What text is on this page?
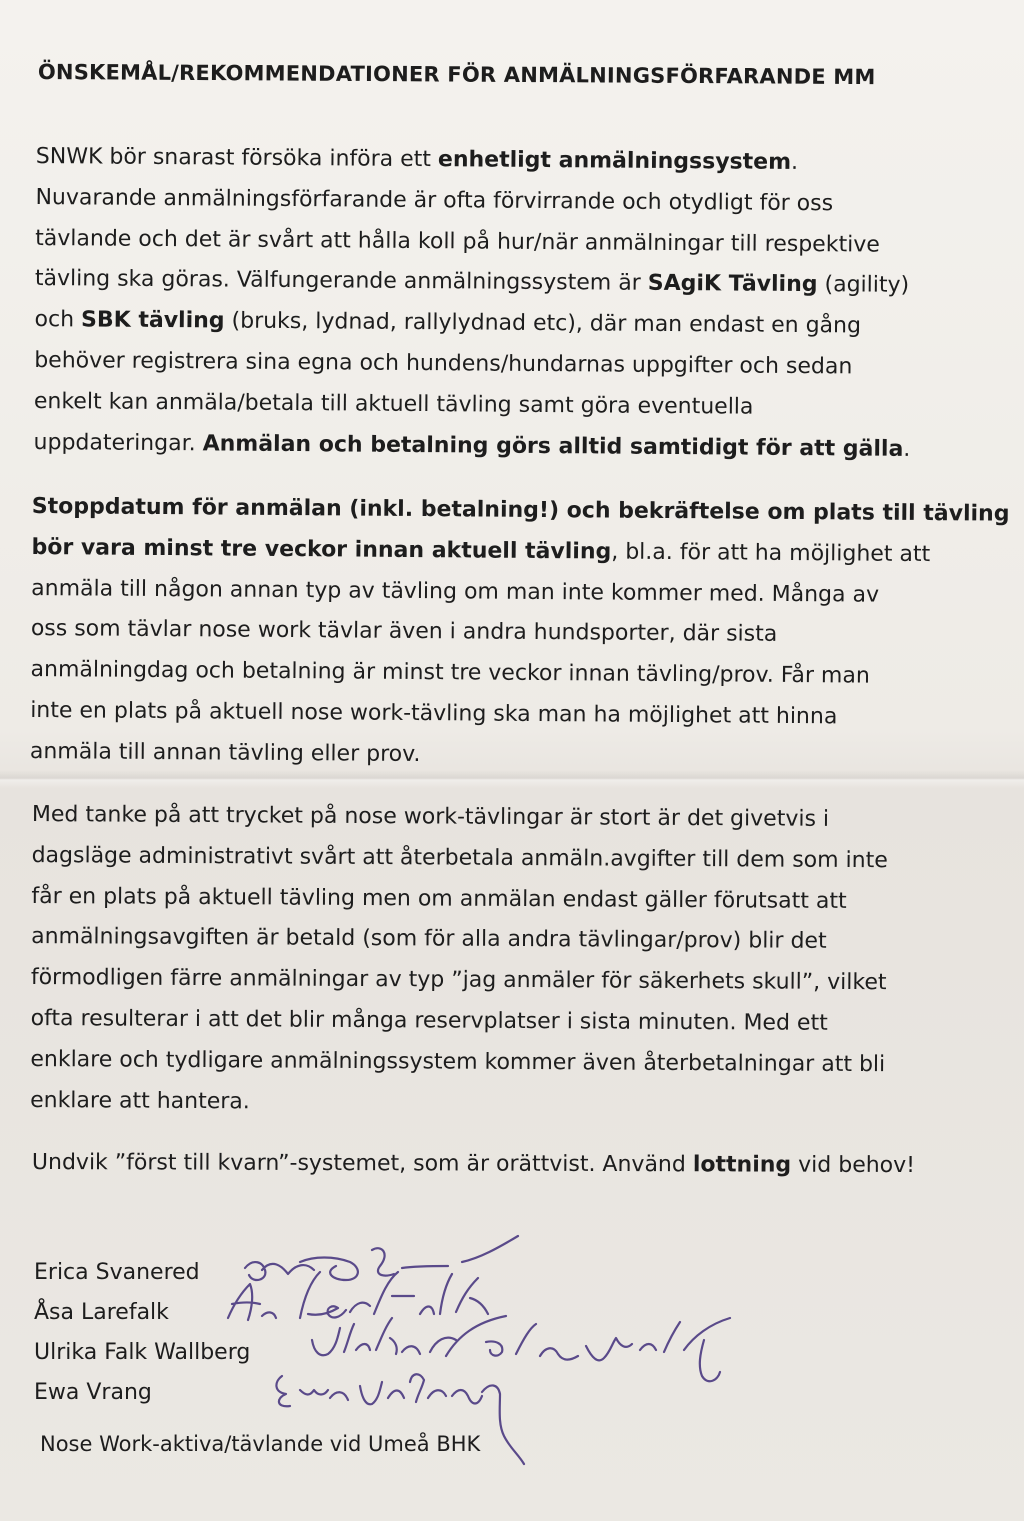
ÖNSKEMÅL/REKOMMENDATIONER FÖR ANMÄLNINGSFÖRFARANDE MM
SNWK bör snarast försöka införa ett enhetligt anmälningssystem.
Nuvarande anmälningsförfarande är ofta förvirrande och otydligt för oss
tävlande och det är svårt att hålla koll på hur/när anmälningar till respektive
tävling ska göras. Välfungerande anmälningssystem är SAgiK Tävling (agility)
och SBK tävling (bruks, lydnad, rallylydnad etc), där man endast en gång
behöver registrera sina egna och hundens/hundarnas uppgifter och sedan
enkelt kan anmäla/betala till aktuell tävling samt göra eventuella
uppdateringar. Anmälan och betalning görs alltid samtidigt för att gälla.
Stoppdatum för anmälan (inkl. betalning!) och bekräftelse om plats till tävling
bör vara minst tre veckor innan aktuell tävling, bl.a. för att ha möjlighet att
anmäla till någon annan typ av tävling om man inte kommer med. Många av
oss som tävlar nose work tävlar även i andra hundsporter, där sista
anmälningdag och betalning är minst tre veckor innan tävling/prov. Får man
inte en plats på aktuell nose work-tävling ska man ha möjlighet att hinna
anmäla till annan tävling eller prov.
Med tanke på att trycket på nose work-tävlingar är stort är det givetvis i
dagsläge administrativt svårt att återbetala anmäln.avgifter till dem som inte
får en plats på aktuell tävling men om anmälan endast gäller förutsatt att
anmälningsavgiften är betald (som för alla andra tävlingar/prov) blir det
förmodligen färre anmälningar av typ ”jag anmäler för säkerhets skull”, vilket
ofta resulterar i att det blir många reservplatser i sista minuten. Med ett
enklare och tydligare anmälningssystem kommer även återbetalningar att bli
enklare att hantera.
Undvik ”först till kvarn”-systemet, som är orättvist. Använd lottning vid behov!
Erica Svanered
Åsa Larefalk
Ulrika Falk Wallberg
Ewa Vrang
Nose Work-aktiva/tävlande vid Umeå BHK
